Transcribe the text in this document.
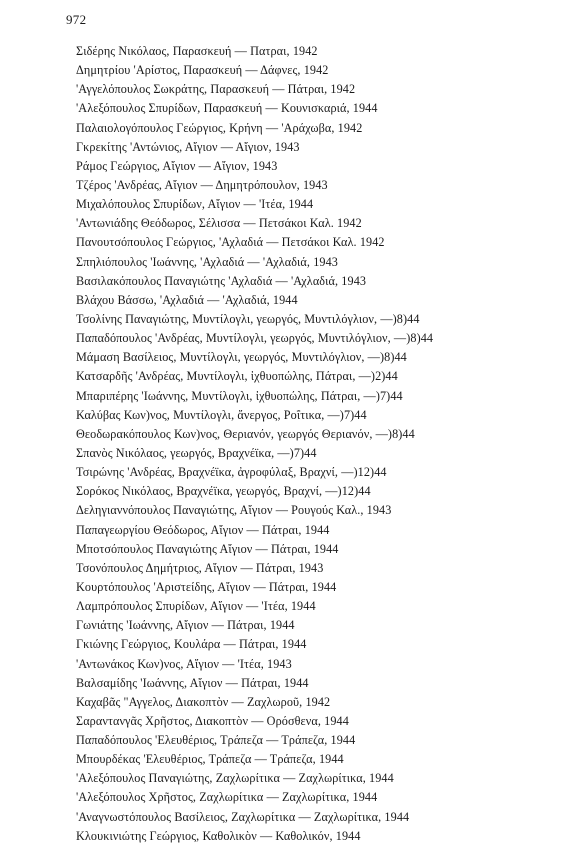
972
Σιδέρης Νικόλαος, Παρασκευή — Πατραι, 1942
Δημητρίου 'Αρίστος, Παρασκευή — Δάφνες, 1942
'Αγγελόπουλος Σωκράτης, Παρασκευή — Πάτραι, 1942
'Αλεξόπουλος Σπυρίδων, Παρασκευή — Κουνισκαριά, 1944
Παλαιολογόπουλος Γεώργιος, Κρήνη — 'Αράχωβα, 1942
Γκρεκίτης 'Αντώνιος, Αἴγιον — Αἴγιον, 1943
Ράμος Γεώργιος, Αἴγιον — Αἴγιον, 1943
Τζέρος 'Ανδρέας, Αἴγιον — Δημητρόπουλον, 1943
Μιχαλόπουλος Σπυρίδων, Αἴγιον — 'Ιτέα, 1944
'Αντωνιάδης Θεόδωρος, Σέλισσα — Πετσάκοι Καλ. 1942
Πανουτσόπουλος Γεώργιος, 'Αχλαδιά — Πετσάκοι Καλ. 1942
Σπηλιόπουλος 'Ιωάννης, 'Αχλαδιά — 'Αχλαδιά, 1943
Βασιλακόπουλος Παναγιώτης 'Αχλαδιά — 'Αχλαδιά, 1943
Βλάχου Βάσσω, 'Αχλαδιά — 'Αχλαδιά, 1944
Τσολίνης Παναγιώτης, Μυντίλογλι, γεωργός, Μυντιλόγλιον, —)8)44
Παπαδόπουλος 'Ανδρέας, Μυντίλογλι, γεωργός, Μυντιλόγλιον, —)8)44
Μάμαση Βασίλειος, Μυντίλογλι, γεωργός, Μυντιλόγλιον, —)8)44
Κατσαρδῆς 'Ανδρέας, Μυντίλογλι, ἰχθυοπώλης, Πάτραι, —)2)44
Μπαριπέρης 'Ιωάννης, Μυντίλογλι, ἰχθυοπώλης, Πάτραι, —)7)44
Καλύβας Κων)νος, Μυντίλογλι, ἄνεργος, Ροΐτικα, —)7)44
Θεοδωρακόπουλος Κων)νος, Θεριανόν, γεωργός Θεριανόν, —)8)44
Σπανὸς Νικόλαος, γεωργός, Βραχνέϊκα, —)7)44
Τσιρώνης 'Ανδρέας, Βραχνέϊκα, ἀγροφύλαξ, Βραχνί, —)12)44
Σορόκος Νικόλαος, Βραχνέϊκα, γεωργός, Βραχνί, —)12)44
Δεληγιαννόπουλος Παναγιώτης, Αἴγιον — Ρουγούς Καλ., 1943
Παπαγεωργίου Θεόδωρος, Αἴγιον — Πάτραι, 1944
Μποτσόπουλος Παναγιώτης Αἴγιον — Πάτραι, 1944
Τσονόπουλος Δημήτριος, Αἴγιον — Πάτραι, 1943
Κουρτόπουλος 'Αριστείδης, Αἴγιον — Πάτραι, 1944
Λαμπρόπουλος Σπυρίδων, Αἴγιον — 'Ιτέα, 1944
Γωνιάτης 'Ιωάννης, Αἴγιον — Πάτραι, 1944
Γκιώνης Γεώργιος, Κουλάρα — Πάτραι, 1944
'Αντωνάκος Κων)νος, Αἴγιον — 'Ιτέα, 1943
Βαλσαμίδης 'Ιωάννης, Αἴγιον — Πάτραι, 1944
Καχαβᾶς "Αγγελος, Διακοπτὸν — Ζαχλωροῦ, 1942
Σαραντανγᾶς Χρῆστος, Διακοπτὸν — Ορόσθενα, 1944
Παπαδόπουλος 'Ελευθέριος, Τράπεζα — Τράπεζα, 1944
Μπουρδέκας 'Ελευθέριος, Τράπεζα — Τράπεζα, 1944
'Αλεξόπουλος Παναγιώτης, Ζαχλωρίτικα — Ζαχλωρίτικα, 1944
'Αλεξόπουλος Χρῆστος, Ζαχλωρίτικα — Ζαχλωρίτικα, 1944
'Αναγνωστόπουλος Βασίλειος, Ζαχλωρίτικα — Ζαχλωρίτικα, 1944
Κλουκινιώτης Γεώργιος, Καθολικὸν — Καθολικόν, 1944
